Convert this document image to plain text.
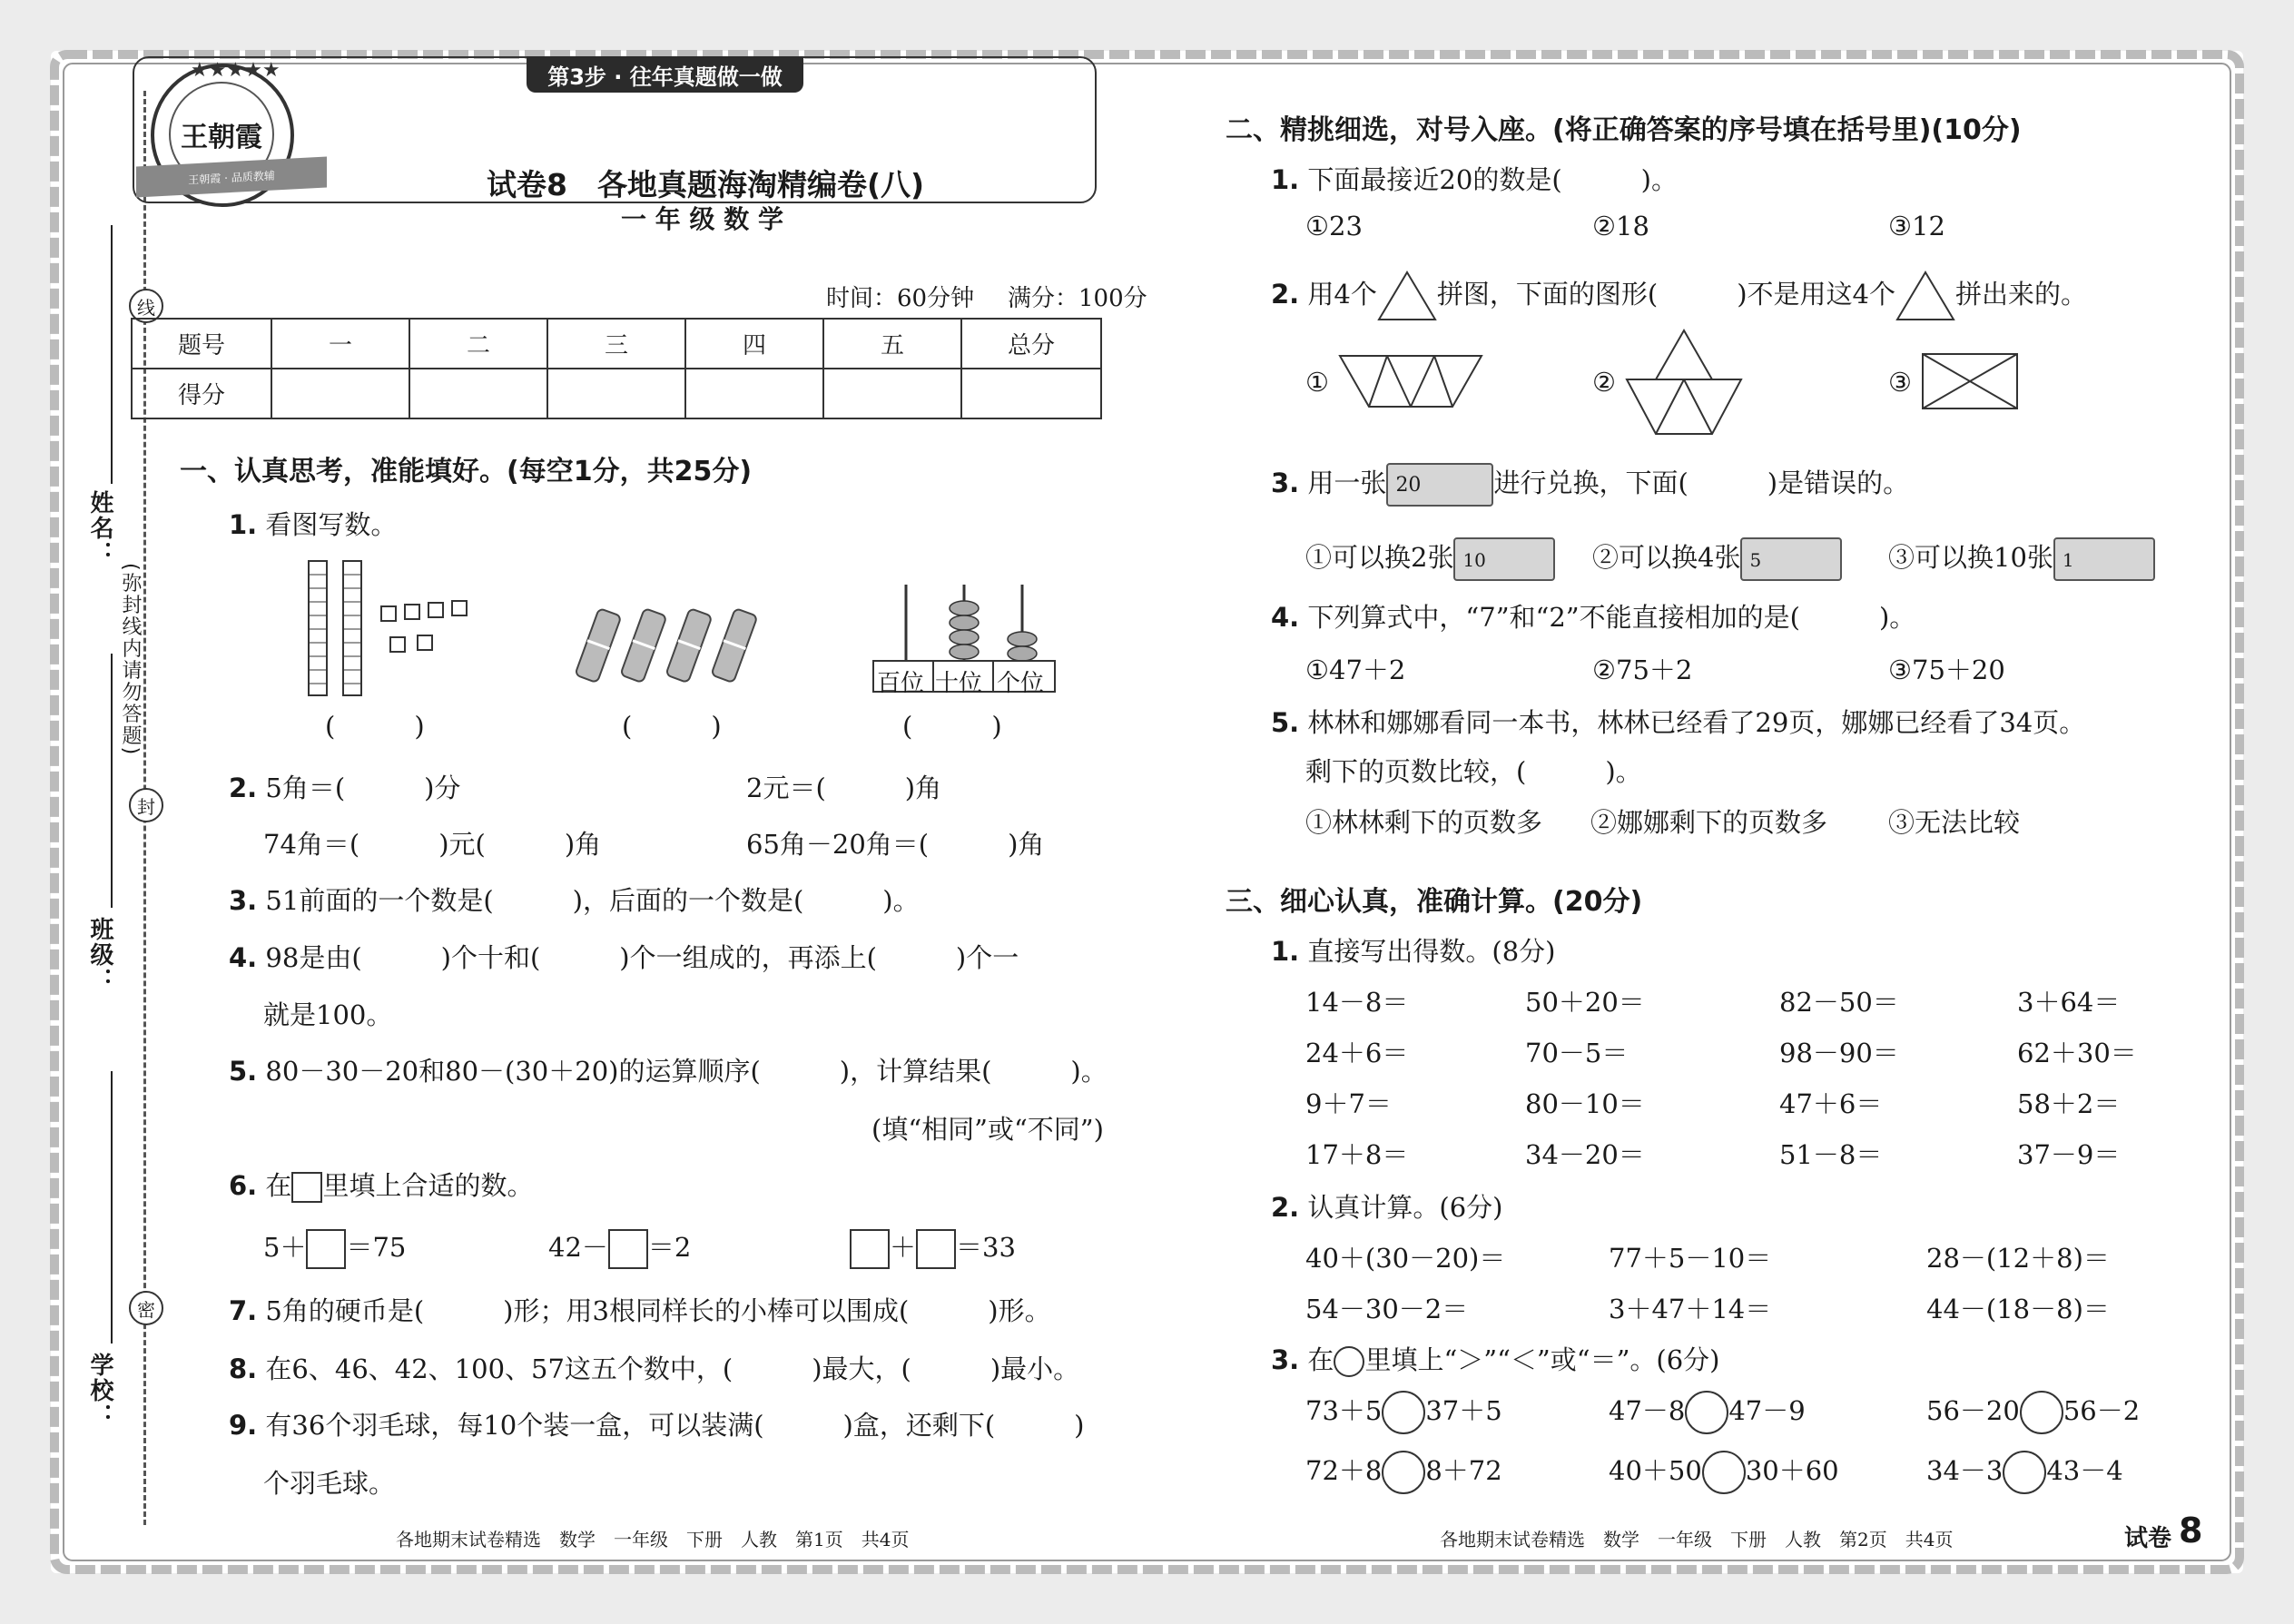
线
封
密
(弥封线内请勿答题)
姓名：
班级：
学校：
第3步 · 往年真题做一做
王朝霞
★★★★★
王朝霞 · 品质教辅	试卷8　各地真题海淘精编卷(八)
一 年 级 数 学
时间：60分钟 满分：100分
题号	一	二	三	四	五	总分
得分						
一、认真思考，准能填好。(每空1分，共25分)
1. 看图写数。
(　　　)	(　　　)
百位 十位 个位
(　　　)
2. 5角＝(　　　)分	2元＝(　　　)角
74角＝(　　　)元(　　　)角	65角－20角＝(　　　)角
3. 51前面的一个数是(　　　)，后面的一个数是(　　　)。
4. 98是由(　　　)个十和(　　　)个一组成的，再添上(　　　)个一
就是100。
5. 80－30－20和80－(30＋20)的运算顺序(　　　)，计算结果(　　　)。
(填“相同”或“不同”)
6. 在 里填上合适的数。
5＋ ＝75	42－ ＝2	＋ ＝33
7. 5角的硬币是(　　　)形；用3根同样长的小棒可以围成(　　　)形。
8. 在6、46、42、100、57这五个数中，(　　　)最大，(　　　)最小。
9. 有36个羽毛球，每10个装一盒，可以装满(　　　)盒，还剩下(　　　)
个羽毛球。
各地期末试卷精选　数学　一年级　下册　人教　第1页　共4页
二、精挑细选，对号入座。(将正确答案的序号填在括号里)(10分)
1. 下面最接近20的数是(　　　)。
①23	②18	③12
2. 用4个 拼图，下面的图形(　　　)不是用这4个 拼出来的。
①	②	③
3. 用一张 20	进行兑换，下面(　　　)是错误的。
①可以换2张 10	②可以换4张 5	③可以换10张 1
4. 下列算式中，“7”和“2”不能直接相加的是(　　　)。
①47＋2	②75＋2	③75＋20
5. 林林和娜娜看同一本书，林林已经看了29页，娜娜已经看了34页。
剩下的页数比较，(　　　)。
①林林剩下的页数多 ②娜娜剩下的页数多 ③无法比较
三、细心认真，准确计算。(20分)
1. 直接写出得数。(8分)
14－8＝	50＋20＝	82－50＝	3＋64＝
24＋6＝	70－5＝	98－90＝	62＋30＝
9＋7＝	80－10＝	47＋6＝	58＋2＝
17＋8＝	34－20＝	51－8＝	37－9＝
2. 认真计算。(6分)
40＋(30－20)＝	77＋5－10＝	28－(12＋8)＝
54－30－2＝	3＋47＋14＝	44－(18－8)＝
3. 在 里填上“＞”“＜”或“＝”。(6分)
73＋5 37＋5	47－8 47－9	56－20 56－2
72＋8 8＋72	40＋50 30＋60	34－3 43－4
各地期末试卷精选　数学　一年级　下册　人教　第2页　共4页	试卷 8
